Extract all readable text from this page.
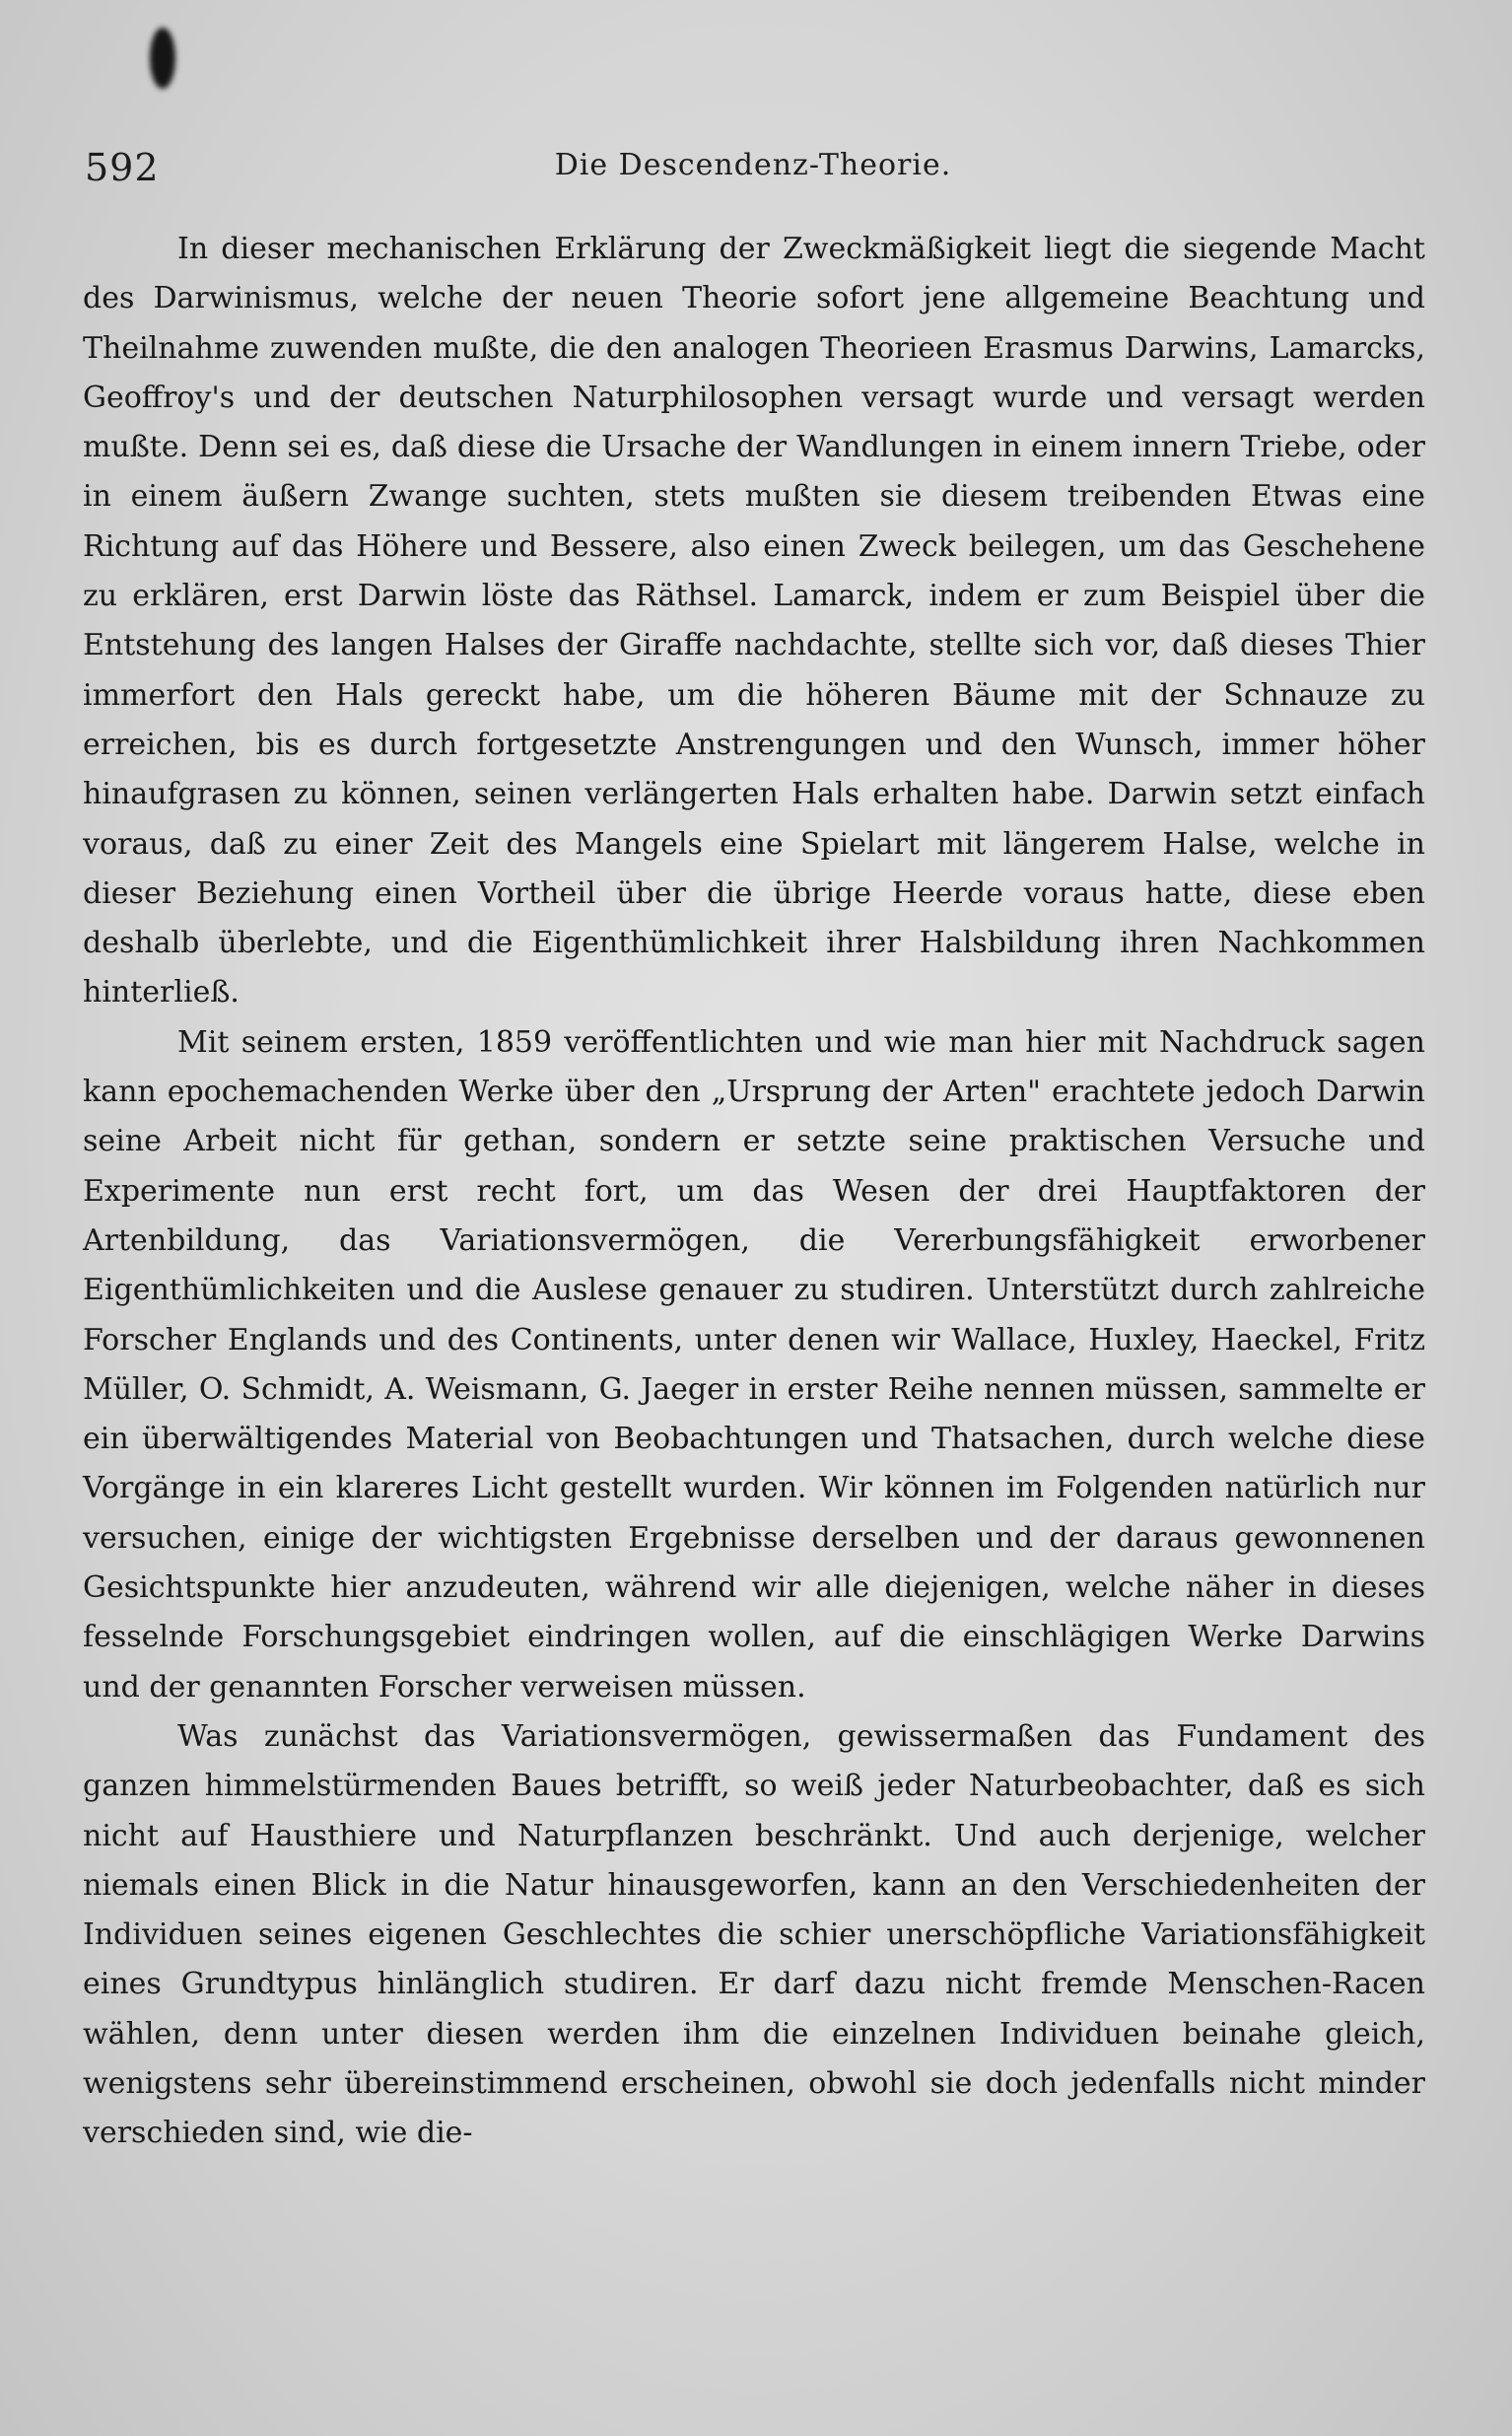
592	Die Descendenz-Theorie.

In dieser mechanischen Erklärung der Zweckmäßigkeit liegt die siegende Macht des Darwinismus, welche der neuen Theorie sofort jene allgemeine Beachtung und Theilnahme zuwenden mußte, die den analogen Theorieen Erasmus Darwins, Lamarcks, Geoffroy's und der deutschen Naturphilosophen versagt wurde und versagt werden mußte. Denn sei es, daß diese die Ursache der Wandlungen in einem innern Triebe, oder in einem äußern Zwange suchten, stets mußten sie diesem treibenden Etwas eine Richtung auf das Höhere und Bessere, also einen Zweck beilegen, um das Geschehene zu erklären, erst Darwin löste das Räthsel. Lamarck, indem er zum Beispiel über die Entstehung des langen Halses der Giraffe nachdachte, stellte sich vor, daß dieses Thier immerfort den Hals gereckt habe, um die höheren Bäume mit der Schnauze zu erreichen, bis es durch fortgesetzte Anstrengungen und den Wunsch, immer höher hinaufgrasen zu können, seinen verlängerten Hals erhalten habe. Darwin setzt einfach voraus, daß zu einer Zeit des Mangels eine Spielart mit längerem Halse, welche in dieser Beziehung einen Vortheil über die übrige Heerde voraus hatte, diese eben deshalb überlebte, und die Eigenthümlichkeit ihrer Halsbildung ihren Nachkommen hinterließ.

Mit seinem ersten, 1859 veröffentlichten und wie man hier mit Nachdruck sagen kann epochemachenden Werke über den „Ursprung der Arten" erachtete jedoch Darwin seine Arbeit nicht für gethan, sondern er setzte seine praktischen Versuche und Experimente nun erst recht fort, um das Wesen der drei Hauptfaktoren der Artenbildung, das Variationsvermögen, die Vererbungsfähigkeit erworbener Eigenthümlichkeiten und die Auslese genauer zu studiren. Unterstützt durch zahlreiche Forscher Englands und des Continents, unter denen wir Wallace, Huxley, Haeckel, Fritz Müller, O. Schmidt, A. Weismann, G. Jaeger in erster Reihe nennen müssen, sammelte er ein überwältigendes Material von Beobachtungen und Thatsachen, durch welche diese Vorgänge in ein klareres Licht gestellt wurden. Wir können im Folgenden natürlich nur versuchen, einige der wichtigsten Ergebnisse derselben und der daraus gewonnenen Gesichtspunkte hier anzudeuten, während wir alle diejenigen, welche näher in dieses fesselnde Forschungsgebiet eindringen wollen, auf die einschlägigen Werke Darwins und der genannten Forscher verweisen müssen.

Was zunächst das Variationsvermögen, gewissermaßen das Fundament des ganzen himmelstürmenden Baues betrifft, so weiß jeder Naturbeobachter, daß es sich nicht auf Hausthiere und Naturpflanzen beschränkt. Und auch derjenige, welcher niemals einen Blick in die Natur hinausgeworfen, kann an den Verschiedenheiten der Individuen seines eigenen Geschlechtes die schier unerschöpfliche Variationsfähigkeit eines Grundtypus hinlänglich studiren. Er darf dazu nicht fremde Menschen-Racen wählen, denn unter diesen werden ihm die einzelnen Individuen beinahe gleich, wenigstens sehr übereinstimmend erscheinen, obwohl sie doch jedenfalls nicht minder verschieden sind, wie die-
